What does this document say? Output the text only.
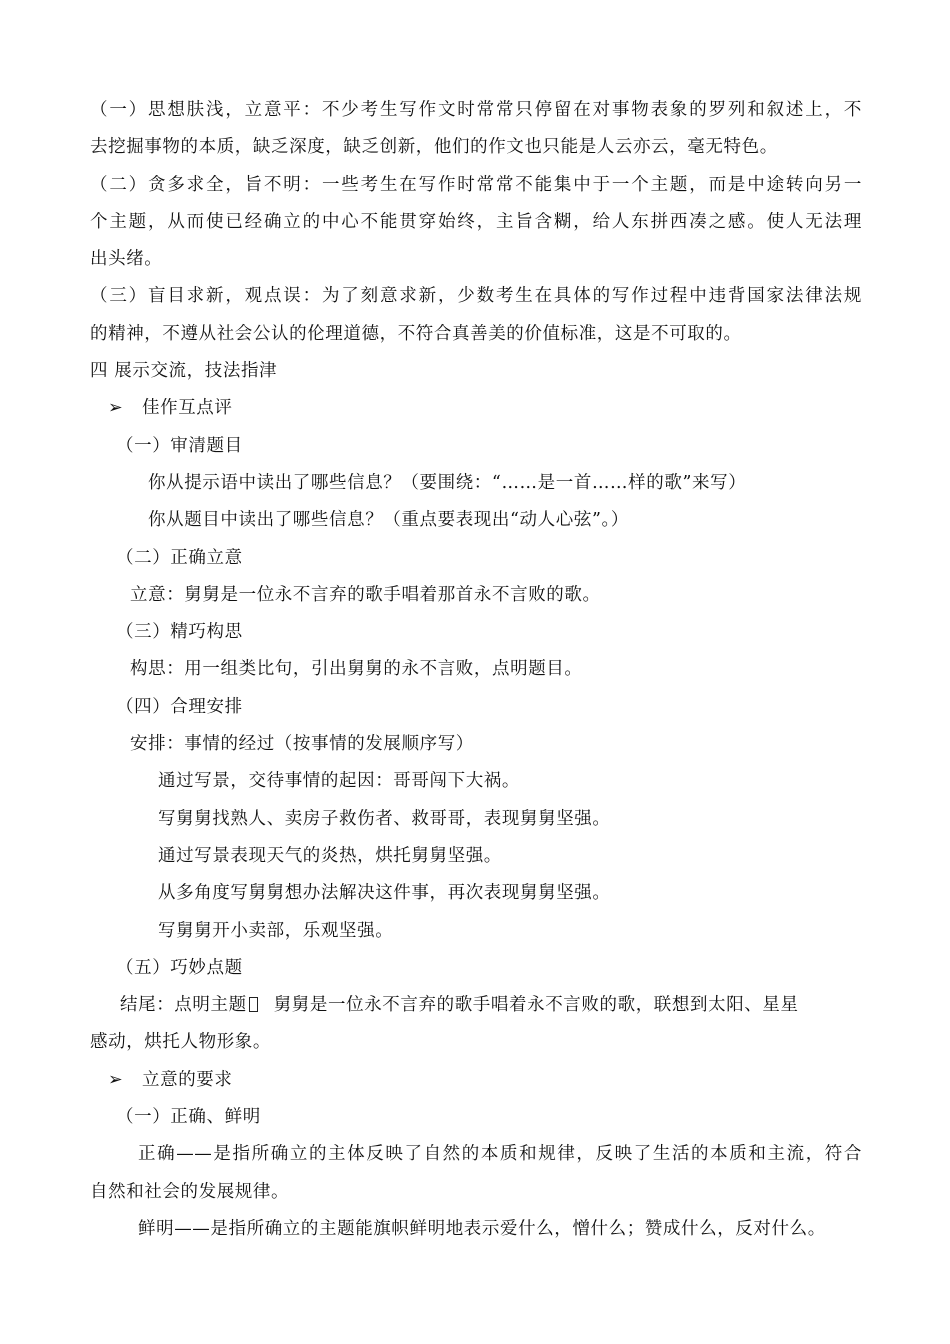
（一）思想肤浅，立意平：不少考生写作文时常常只停留在对事物表象的罗列和叙述上，不
去挖掘事物的本质，缺乏深度，缺乏创新，他们的作文也只能是人云亦云，毫无特色。
（二）贪多求全，旨不明：一些考生在写作时常常不能集中于一个主题，而是中途转向另一
个主题，从而使已经确立的中心不能贯穿始终，主旨含糊，给人东拼西凑之感。使人无法理
出头绪。
（三）盲目求新，观点误：为了刻意求新，少数考生在具体的写作过程中违背国家法律法规
的精神，不遵从社会公认的伦理道德，不符合真善美的价值标准，这是不可取的。
四 展示交流，技法指津
➢ 佳作互点评
（一）审清题目
你从提示语中读出了哪些信息？（要围绕：“……是一首……样的歌”来写）
你从题目中读出了哪些信息？（重点要表现出“动人心弦”。）
（二）正确立意
立意：舅舅是一位永不言弃的歌手唱着那首永不言败的歌。
（三）精巧构思
构思：用一组类比句，引出舅舅的永不言败，点明题目。
（四）合理安排
安排：事情的经过（按事情的发展顺序写）
通过写景，交待事情的起因：哥哥闯下大祸。
写舅舅找熟人、卖房子救伤者、救哥哥，表现舅舅坚强。
通过写景表现天气的炎热，烘托舅舅坚强。
从多角度写舅舅想办法解决这件事，再次表现舅舅坚强。
写舅舅开小卖部，乐观坚强。
（五）巧妙点题
结尾：点明主题 舅舅是一位永不言弃的歌手唱着永不言败的歌，联想到太阳、星星
感动，烘托人物形象。
➢ 立意的要求
（一）正确、鲜明
正确——是指所确立的主体反映了自然的本质和规律，反映了生活的本质和主流，符合
自然和社会的发展规律。
鲜明——是指所确立的主题能旗帜鲜明地表示爱什么，憎什么；赞成什么，反对什么。
